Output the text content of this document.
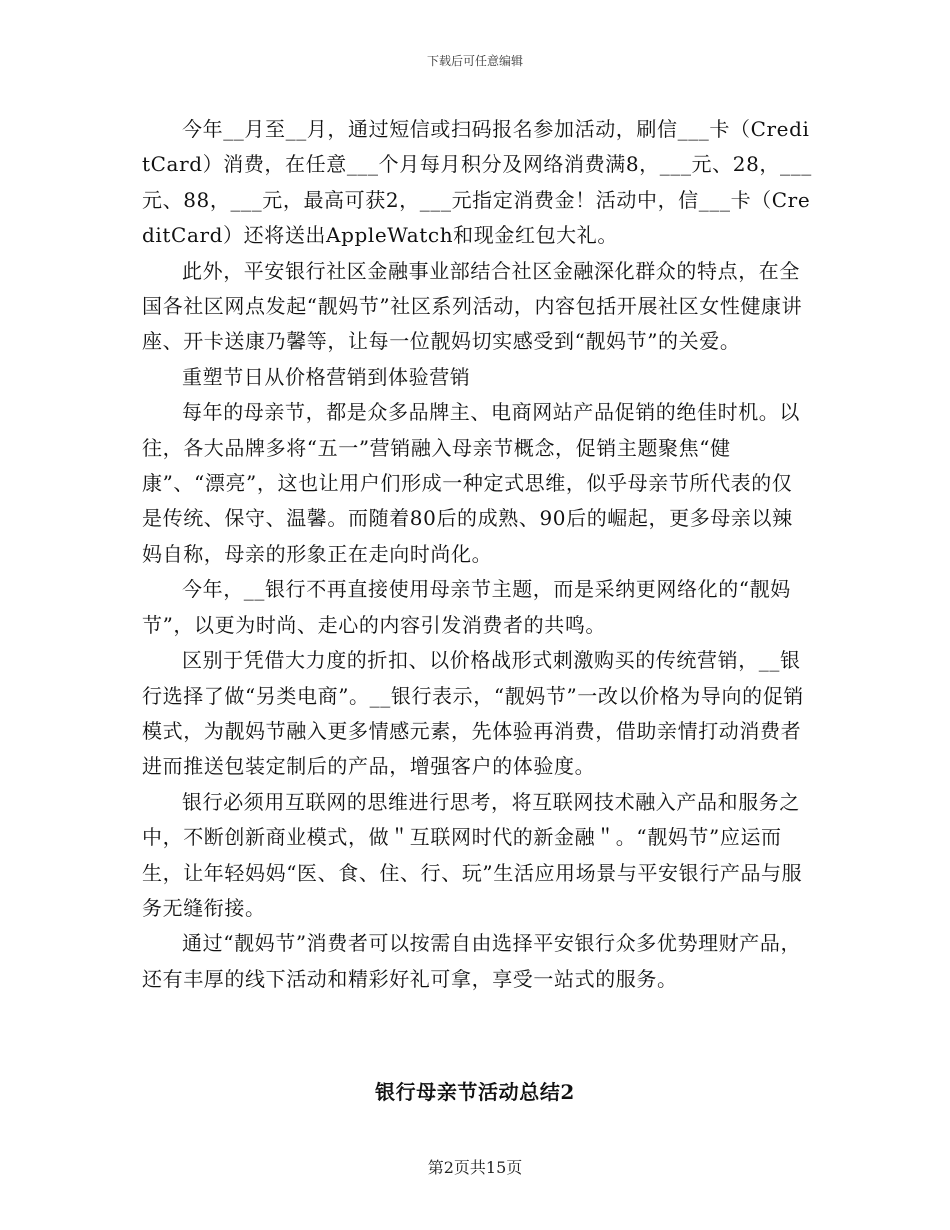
下载后可任意编辑

今年__月至__月，通过短信或扫码报名参加活动，刷信___卡（CreditCard）消费，在任意___个月每月积分及网络消费满8，___元、28，___元、88，___元，最高可获2，___元指定消费金！活动中，信___卡（CreditCard）还将送出AppleWatch和现金红包大礼。

此外，平安银行社区金融事业部结合社区金融深化群众的特点，在全国各社区网点发起“靓妈节”社区系列活动，内容包括开展社区女性健康讲座、开卡送康乃馨等，让每一位靓妈切实感受到“靓妈节”的关爱。

重塑节日从价格营销到体验营销

每年的母亲节，都是众多品牌主、电商网站产品促销的绝佳时机。以往，各大品牌多将“五一”营销融入母亲节概念，促销主题聚焦“健康”、“漂亮”，这也让用户们形成一种定式思维，似乎母亲节所代表的仅是传统、保守、温馨。而随着80后的成熟、90后的崛起，更多母亲以辣妈自称，母亲的形象正在走向时尚化。

今年，__银行不再直接使用母亲节主题，而是采纳更网络化的“靓妈节”，以更为时尚、走心的内容引发消费者的共鸣。

区别于凭借大力度的折扣、以价格战形式刺激购买的传统营销，__银行选择了做“另类电商”。__银行表示，“靓妈节”一改以价格为导向的促销模式，为靓妈节融入更多情感元素，先体验再消费，借助亲情打动消费者进而推送包装定制后的产品，增强客户的体验度。

银行必须用互联网的思维进行思考，将互联网技术融入产品和服务之中，不断创新商业模式，做＂互联网时代的新金融＂。“靓妈节”应运而生，让年轻妈妈“医、食、住、行、玩”生活应用场景与平安银行产品与服务无缝衔接。

通过“靓妈节”消费者可以按需自由选择平安银行众多优势理财产品，还有丰厚的线下活动和精彩好礼可拿，享受一站式的服务。

银行母亲节活动总结2
第2页共15页
